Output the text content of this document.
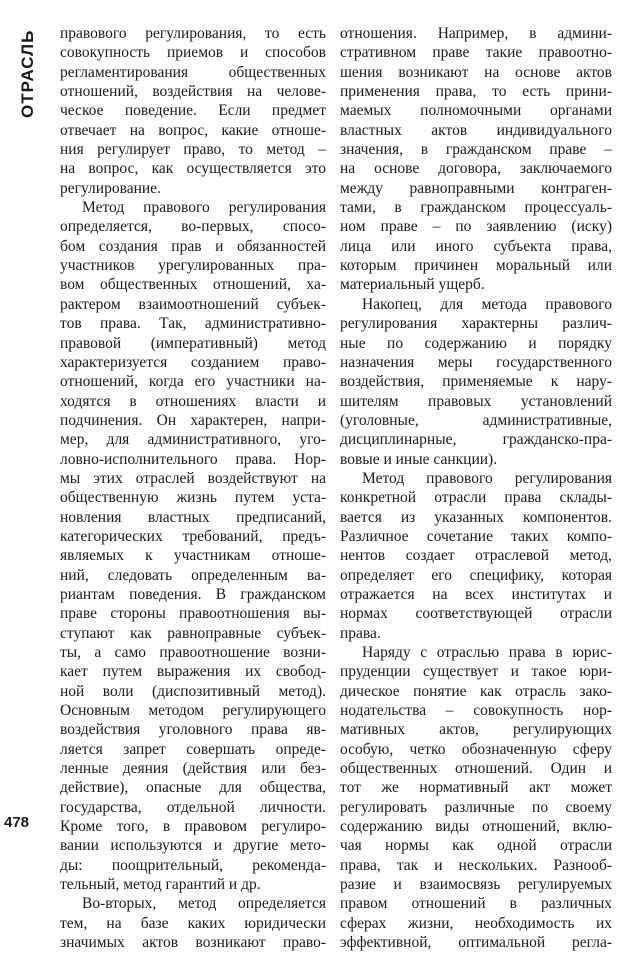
ОТРАСЛЬ
478
правового регулирования, то есть
совокупность приемов и способов
регламентирования общественных
отношений, воздействия на челове-
ческое поведение. Если предмет
отвечает на вопрос, какие отноше-
ния регулирует право, то метод –
на вопрос, как осуществляется это
регулирование.
Метод правового регулирования
определяется, во-первых, спосо-
бом создания прав и обязанностей
участников урегулированных пра-
вом общественных отношений, ха-
рактером взаимоотношений субъек-
тов права. Так, административно-
правовой (императивный) метод
характеризуется созданием право-
отношений, когда его участники на-
ходятся в отношениях власти и
подчинения. Он характерен, напри-
мер, для административного, уго-
ловно-исполнительного права. Нор-
мы этих отраслей воздействуют на
общественную жизнь путем уста-
новления властных предписаний,
категорических требований, предъ-
являемых к участникам отноше-
ний, следовать определенным ва-
риантам поведения. В гражданском
праве стороны правоотношения вы-
ступают как равноправные субъек-
ты, а само правоотношение возни-
кает путем выражения их свобод-
ной воли (диспозитивный метод).
Основным методом регулирующего
воздействия уголовного права яв-
ляется запрет совершать опреде-
ленные деяния (действия или без-
действие), опасные для общества,
государства, отдельной личности.
Кроме того, в правовом регулиро-
вании используются и другие мето-
ды: поощрительный, рекоменда-
тельный, метод гарантий и др.
Во-вторых, метод определяется
тем, на базе каких юридически
значимых актов возникают право-
отношения. Например, в админи-
стративном праве такие правоотно-
шения возникают на основе актов
применения права, то есть прини-
маемых полномочными органами
властных актов индивидуального
значения, в гражданском праве –
на основе договора, заключаемого
между равноправными контраген-
тами, в гражданском процессуаль-
ном праве – по заявлению (иску)
лица или иного субъекта права,
которым причинен моральный или
материальный ущерб.
Накопец, для метода правового
регулирования характерны различ-
ные по содержанию и порядку
назначения меры государственного
воздействия, применяемые к нару-
шителям правовых установлений
(уголовные, административные,
дисциплинарные, гражданско-пра-
вовые и иные санкции).
Метод правового регулирования
конкретной отрасли права склады-
вается из указанных компонентов.
Различное сочетание таких компо-
нентов создает отраслевой метод,
определяет его специфику, которая
отражается на всех институтах и
нормах соответствующей отрасли
права.
Наряду с отраслью права в юрис-
пруденции существует и такое юри-
дическое понятие как отрасль зако-
нодательства – совокупность нор-
мативных актов, регулирующих
особую, четко обозначенную сферу
общественных отношений. Один и
тот же нормативный акт может
регулировать различные по своему
содержанию виды отношений, вклю-
чая нормы как одной отрасли
права, так и нескольких. Разнооб-
разие и взаимосвязь регулируемых
правом отношений в различных
сферах жизни, необходимость их
эффективной, оптимальной регла-
